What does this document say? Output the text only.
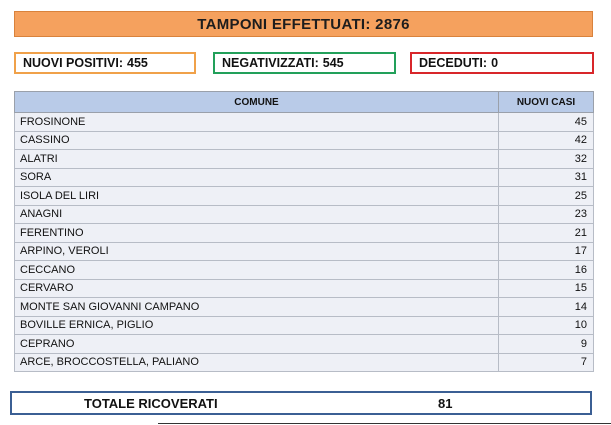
TAMPONI EFFETTUATI:
2876
NUOVI POSITIVI: 455	NEGATIVIZZATI: 545	DECEDUTI: 0
COMUNE	NUOVI CASI
FROSINONE	45
CASSINO	42
ALATRI	32
SORA	31
ISOLA DEL LIRI	25
ANAGNI	23
FERENTINO	21
ARPINO, VEROLI	17
CECCANO	16
CERVARO	15
MONTE SAN GIOVANNI CAMPANO	14
BOVILLE ERNICA, PIGLIO	10
CEPRANO	9
ARCE, BROCCOSTELLA, PALIANO	7
TOTALE RICOVERATI	81
